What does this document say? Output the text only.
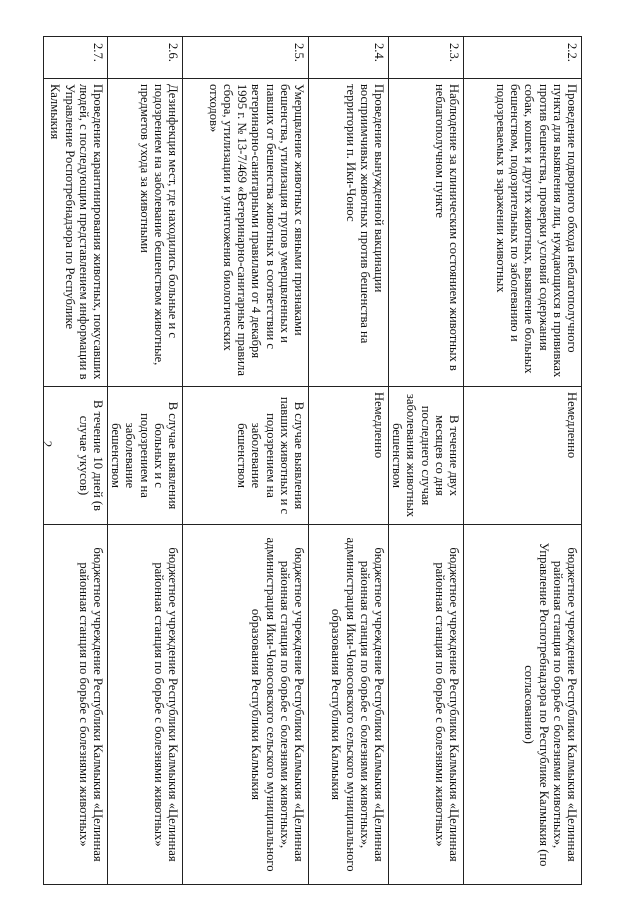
2
2.2.	Проведение подворного обхода неблагополучного пункта для выявления лиц, нуждающихся в прививках против бешенства, проверки условий содержания собак, кошек и других животных, выявление больных бешенством, подозрительных по заболеванию и подозреваемых в заражении животных	Немедленно	бюджетное учреждение Республики Калмыкия «Целинная районная станция по борьбе с болезнями животных», Управление Роспотребнадзора по Республике Калмыкия (по согласованию)
2.3.	Наблюдение за клиническим состоянием животных в неблагополучном пункте	В течение двух месяцев со дня последнего случая заболевания животных бешенством	бюджетное учреждение Республики Калмыкия «Целинная районная станция по борьбе с болезнями животных»
2.4.	Проведение вынужденной вакцинации восприимчивых животных против бешенства на территории п. Ики-Чонос	Немедленно	бюджетное учреждение Республики Калмыкия «Целинная районная станция по борьбе с болезнями животных», администрация Ики-Чоносовского сельского муниципального образования Республики Калмыкия
2.5.	Умерщвление животных с явными признаками бешенства, утилизация трупов умерщвленных и павших от бешенства животных в соответствии с ветеринарно-санитарными правилами от 4 декабря 1995 г. № 13-7/469 «Ветеринарно-санитарные правила сбора, утилизации и уничтожения биологических отходов»	В случае выявления павших животных и с подозрением на заболевание бешенством	бюджетное учреждение Республики Калмыкия «Целинная районная станция по борьбе с болезнями животных», администрация Ики-Чоносовского сельского муниципального образования Республики Калмыкия
2.6.	Дезинфекция мест, где находились больные и с подозрением на заболевание бешенством животные, предметов ухода за животными	В случае выявления больных и с подозрением на заболевание бешенством	бюджетное учреждение Республики Калмыкия «Целинная районная станция по борьбе с болезнями животных»
2.7.	Проведение карантинирования животных, покусавших людей, с последующим представлением информации в Управление Роспотребнадзора по Республике Калмыкия	В течение 10 дней (в случае укусов)	бюджетное учреждение Республики Калмыкия «Целинная районная станция по борьбе с болезнями животных»
